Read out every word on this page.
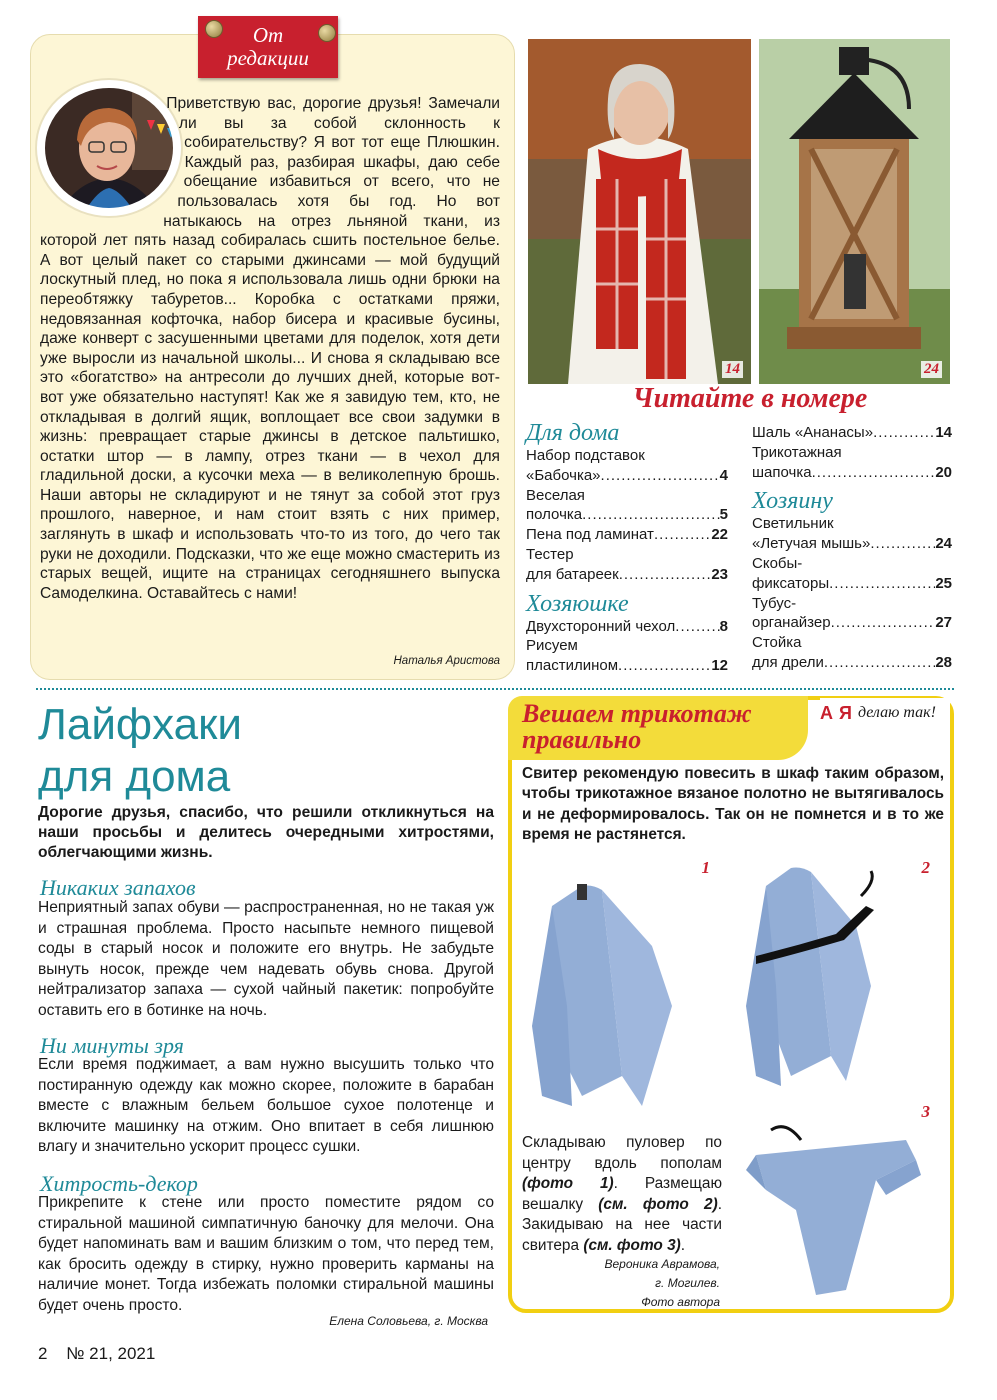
От
редакции

Приветствую вас, дорогие друзья! Замечали ли вы за собой склонность к собирательству? Я вот тот еще Плюшкин. Каждый раз, разбирая шкафы, даю себе обещание избавиться от всего, что не пользовалась хотя бы год. Но вот натыкаюсь на отрез льняной ткани, из которой лет пять назад собиралась сшить постельное белье. А вот целый пакет со старыми джинсами — мой будущий лоскутный плед, но пока я использовала лишь одни брюки на переобтяжку табуретов... Коробка с остатками пряжи, недовязанная кофточка, набор бисера и красивые бусины, даже конверт с засушенными цветами для поделок, хотя дети уже выросли из начальной школы... И снова я складываю все это «богатство» на антресоли до лучших дней, которые вот-вот уже обязательно наступят! Как же я завидую тем, кто, не откладывая в долгий ящик, воплощает все свои задумки в жизнь: превращает старые джинсы в детское пальтишко, остатки штор — в лампу, отрез ткани — в чехол для гладильной доски, а кусочки меха — в великолепную брошь. Наши авторы не складируют и не тянут за собой этот груз прошлого, наверное, и нам стоит взять с них пример, заглянуть в шкаф и использовать что-то из того, до чего так руки не доходили. Подсказки, что же еще можно смастерить из старых вещей, ищите на страницах сегодняшнего выпуска Самоделкина. Оставайтесь с нами!

Наталья Аристова
14	24
Читайте в номере
Для дома
Набор подставок
«Бабочка» .....	4
Веселая
полочка .....	5
Пена под ламинат .....	22
Тестер
для батареек .....	23
Хозяюшке
Двухсторонний чехол .....	8
Рисуем
пластилином .....	12
Шаль «Ананасы» .....	14
Трикотажная
шапочка .....	20
Хозяину
Светильник
«Летучая мышь» .....	24
Скобы-
фиксаторы .....	25
Тубус-
органайзер .....	27
Стойка
для дрели .....	28
Лайфхаки
для дома

Дорогие друзья, спасибо, что решили откликнуться на наши просьбы и делитесь очередными хитростями, облегчающими жизнь.

Никаких запахов

Неприятный запах обуви — распространенная, но не такая уж и страшная проблема. Просто насыпьте немного пищевой соды в старый носок и положите его внутрь. Не забудьте вынуть носок, прежде чем надевать обувь снова. Другой нейтрализатор запаха — сухой чайный пакетик: попробуйте оставить его в ботинке на ночь.

Ни минуты зря

Если время поджимает, а вам нужно высушить только что постиранную одежду как можно скорее, положите в барабан вместе с влажным бельем большое сухое полотенце и включите машинку на отжим. Оно впитает в себя лишнюю влагу и значительно ускорит процесс сушки.

Хитрость-декор

Прикрепите к стене или просто поместите рядом со стиральной машиной симпатичную баночку для мелочи. Она будет напоминать вам и вашим близким о том, что перед тем, как бросить одежду в стирку, нужно проверить карманы на наличие монет. Тогда избежать поломки стиральной машины будет очень просто.

Елена Соловьева, г. Москва
Вешаем трикотаж
правильно
А Я делаю так!

Свитер рекомендую повесить в шкаф таким образом, чтобы трикотажное вязаное полотно не вытягивалось и не деформировалось. Так он не помнется и в то же время не растянется.

1	2
3

Складываю пуловер по центру вдоль пополам (фото 1). Размещаю вешалку (см. фото 2). Закидываю на нее части свитера (см. фото 3).

Вероника Аврамова,
г. Могилев.
Фото автора
2 № 21, 2021
